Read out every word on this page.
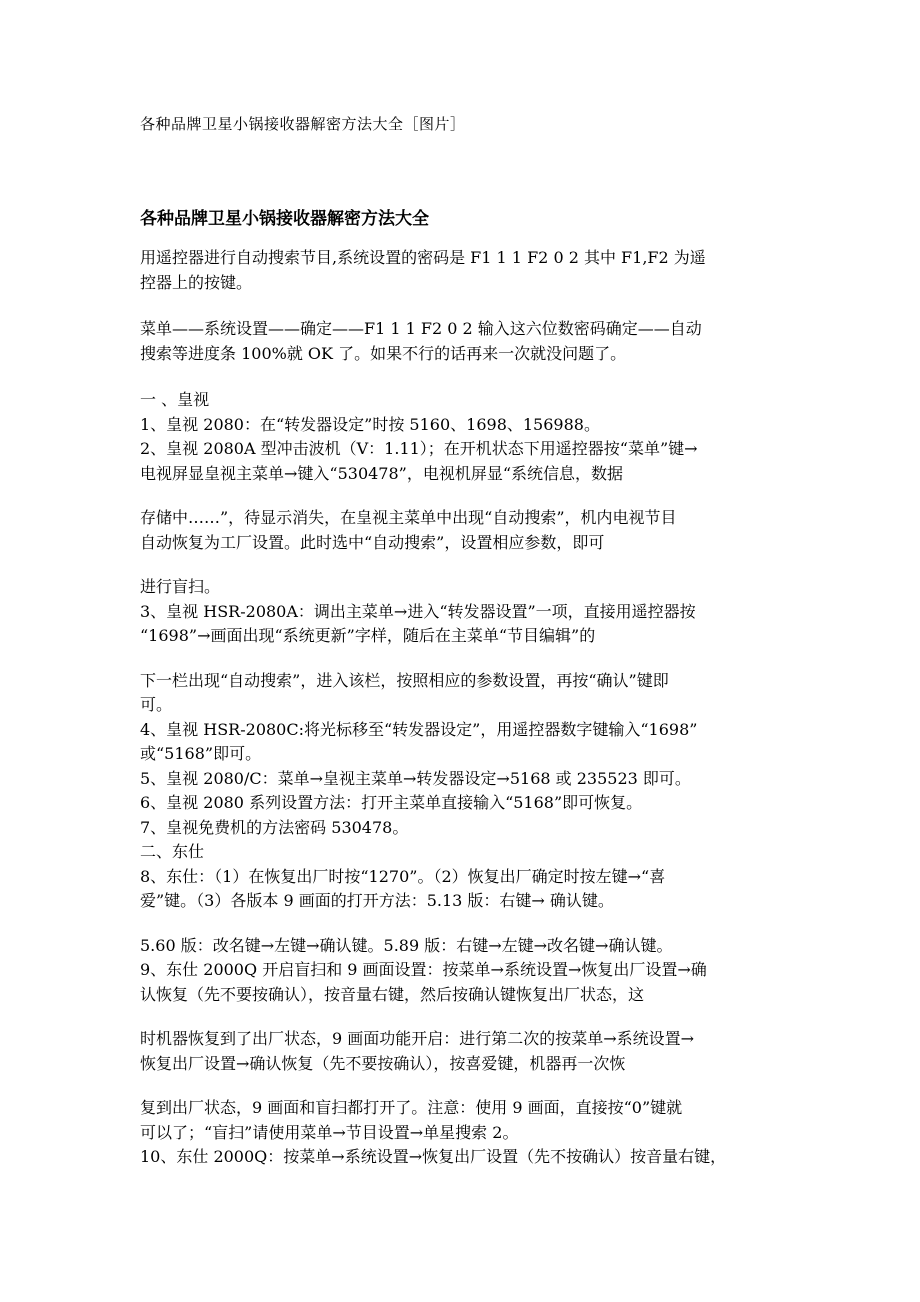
各种品牌卫星小锅接收器解密方法大全［图片］
各种品牌卫星小锅接收器解密方法大全
用遥控器进行自动搜索节目,系统设置的密码是 F1 1 1 F2 0 2 其中 F1,F2 为遥
控器上的按键。
菜单——系统设置——确定——F1 1 1 F2 0 2 输入这六位数密码确定——自动
搜索等进度条 100%就 OK 了。如果不行的话再来一次就没问题了。
一 、皇视
1、皇视 2080：在“转发器设定”时按 5160、1698、156988。
2、皇视 2080A 型冲击波机（V：1.11）；在开机状态下用遥控器按“菜单”键→
电视屏显皇视主菜单→键入“530478”，电视机屏显“系统信息，数据
存储中……”，待显示消失，在皇视主菜单中出现“自动搜索”，机内电视节目
自动恢复为工厂设置。此时选中“自动搜索”，设置相应参数，即可
进行盲扫。
3、皇视 HSR-2080A：调出主菜单→进入“转发器设置”一项，直接用遥控器按
“1698”→画面出现“系统更新”字样，随后在主菜单“节目编辑”的
下一栏出现“自动搜索”，进入该栏，按照相应的参数设置，再按“确认”键即
可。
4、皇视 HSR-2080C:将光标移至“转发器设定”，用遥控器数字键输入“1698”
或“5168”即可。
5、皇视 2080/C：菜单→皇视主菜单→转发器设定→5168 或 235523 即可。
6、皇视 2080 系列设置方法：打开主菜单直接输入“5168”即可恢复。
7、皇视免费机的方法密码 530478。
二、东仕
8、东仕：（1）在恢复出厂时按“1270”。（2）恢复出厂确定时按左键→“喜
爱”键。（3）各版本 9 画面的打开方法：5.13 版：右键→ 确认键。
5.60 版：改名键→左键→确认键。5.89 版：右键→左键→改名键→确认键。
9、东仕 2000Q 开启盲扫和 9 画面设置：按菜单→系统设置→恢复出厂设置→确
认恢复（先不要按确认），按音量右键，然后按确认键恢复出厂状态，这
时机器恢复到了出厂状态，9 画面功能开启：进行第二次的按菜单→系统设置→
恢复出厂设置→确认恢复（先不要按确认），按喜爱键，机器再一次恢
复到出厂状态，9 画面和盲扫都打开了。注意：使用 9 画面，直接按“0”键就
可以了；“盲扫”请使用菜单→节目设置→单星搜索 2。
10、东仕 2000Q：按菜单→系统设置→恢复出厂设置（先不按确认）按音量右键，
